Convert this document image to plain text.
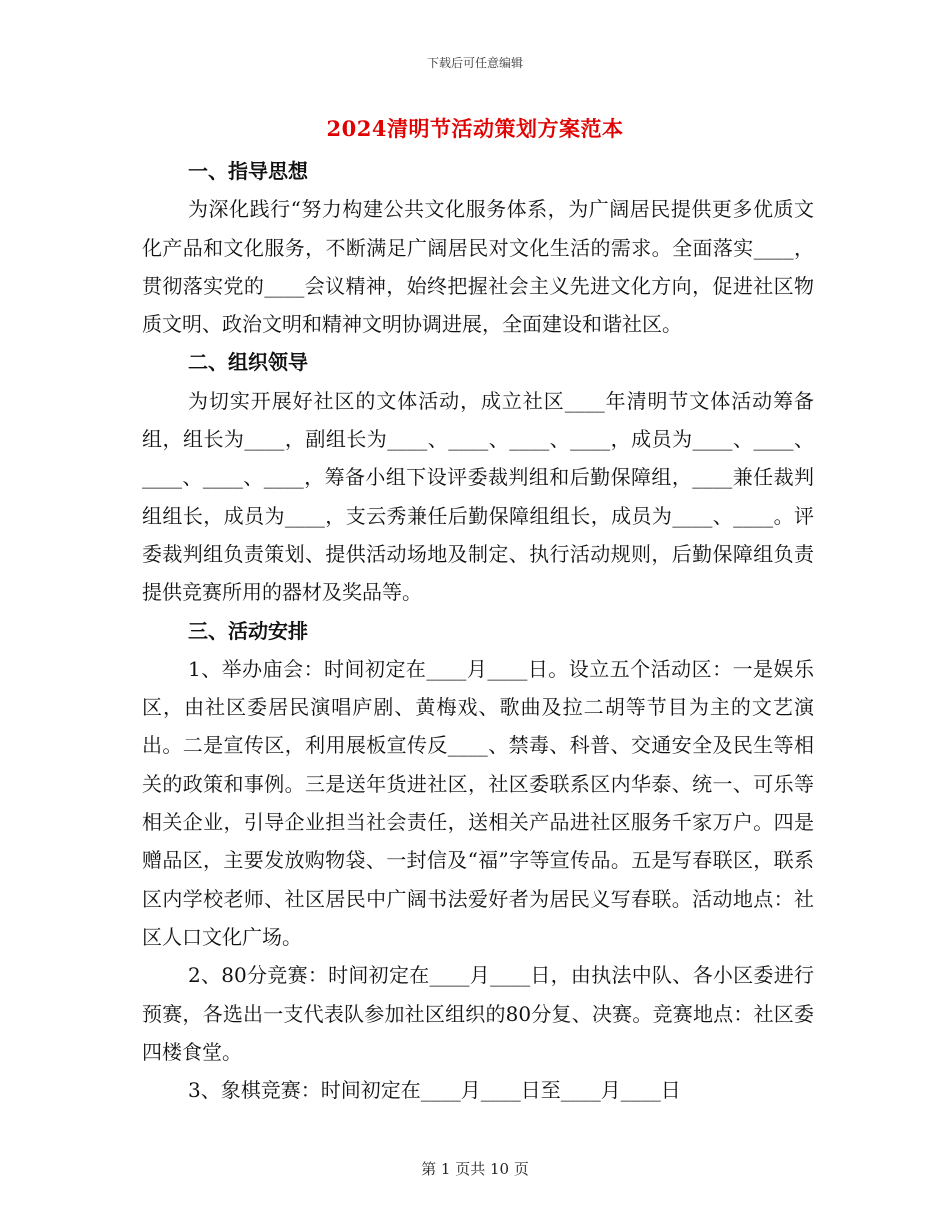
下载后可任意编辑
2024清明节活动策划方案范本

一、指导思想

为深化践行“努力构建公共文化服务体系，为广阔居民提供更多优质文化产品和文化服务，不断满足广阔居民对文化生活的需求。全面落实____，贯彻落实党的____会议精神，始终把握社会主义先进文化方向，促进社区物质文明、政治文明和精神文明协调进展，全面建设和谐社区。

二、组织领导

为切实开展好社区的文体活动，成立社区____年清明节文体活动筹备组，组长为____，副组长为____、____、____、____，成员为____、____、____、____、____，筹备小组下设评委裁判组和后勤保障组，____兼任裁判组组长，成员为____，支云秀兼任后勤保障组组长，成员为____、____。评委裁判组负责策划、提供活动场地及制定、执行活动规则，后勤保障组负责提供竞赛所用的器材及奖品等。

三、活动安排

1、举办庙会：时间初定在____月____日。设立五个活动区：一是娱乐区，由社区委居民演唱庐剧、黄梅戏、歌曲及拉二胡等节目为主的文艺演出。二是宣传区，利用展板宣传反____、禁毒、科普、交通安全及民生等相关的政策和事例。三是送年货进社区，社区委联系区内华泰、统一、可乐等相关企业，引导企业担当社会责任，送相关产品进社区服务千家万户。四是赠品区，主要发放购物袋、一封信及“福”字等宣传品。五是写春联区，联系区内学校老师、社区居民中广阔书法爱好者为居民义写春联。活动地点：社区人口文化广场。

2、80分竞赛：时间初定在____月____日，由执法中队、各小区委进行预赛，各选出一支代表队参加社区组织的80分复、决赛。竞赛地点：社区委四楼食堂。

3、象棋竞赛：时间初定在____月____日至____月____日

第 1 页共 10 页
